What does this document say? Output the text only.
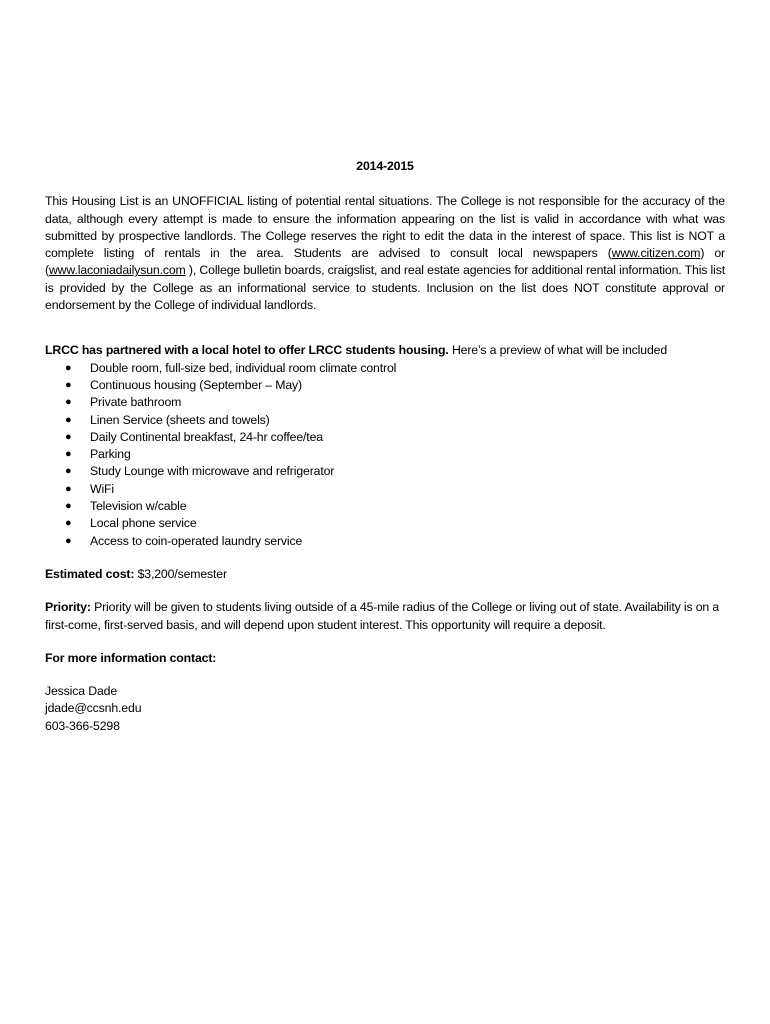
2014-2015

This Housing List is an UNOFFICIAL listing of potential rental situations. The College is not responsible for the accuracy of the data, although every attempt is made to ensure the information appearing on the list is valid in accordance with what was submitted by prospective landlords. The College reserves the right to edit the data in the interest of space. This list is NOT a complete listing of rentals in the area. Students are advised to consult local newspapers (www.citizen.com) or (www.laconiadailysun.com ), College bulletin boards, craigslist, and real estate agencies for additional rental information. This list is provided by the College as an informational service to students. Inclusion on the list does NOT constitute approval or endorsement by the College of individual landlords.

LRCC has partnered with a local hotel to offer LRCC students housing. Here’s a preview of what will be included

● Double room, full-size bed, individual room climate control
● Continuous housing (September – May)
● Private bathroom
● Linen Service (sheets and towels)
● Daily Continental breakfast, 24-hr coffee/tea
● Parking
● Study Lounge with microwave and refrigerator
● WiFi
● Television w/cable
● Local phone service
● Access to coin-operated laundry service

Estimated cost: $3,200/semester

Priority: Priority will be given to students living outside of a 45-mile radius of the College or living out of state. Availability is on a first-come, first-served basis, and will depend upon student interest. This opportunity will require a deposit.

For more information contact:

Jessica Dade
jdade@ccsnh.edu
603-366-5298
